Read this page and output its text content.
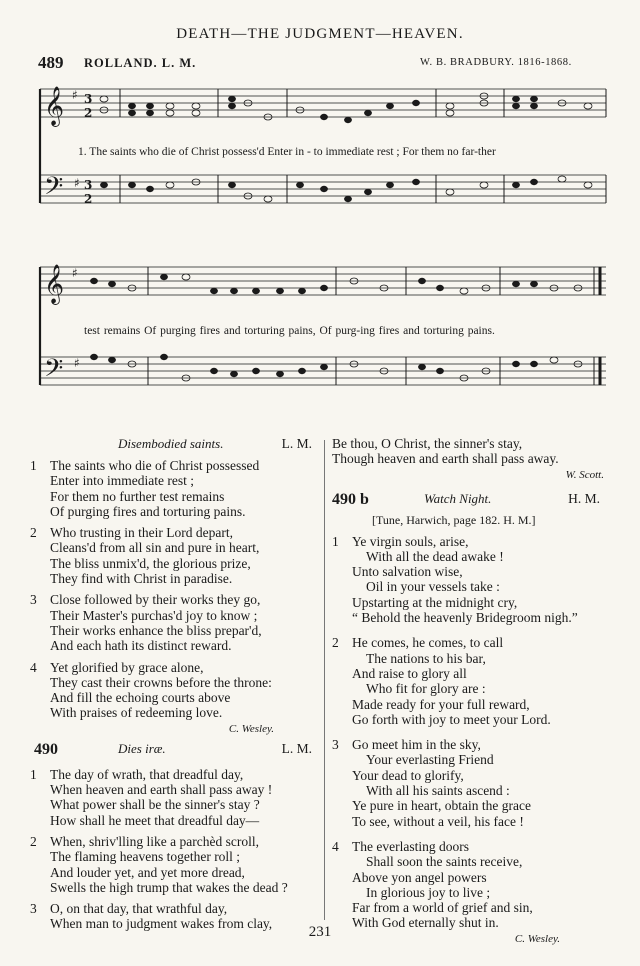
DEATH—THE JUDGMENT—HEAVEN.
489 ROLLAND. L. M.	W. B. BRADBURY. 1816-1868.
𝄞
𝄢
𝄞
𝄢
♯ 3
2
♯ 3
2
♯
♯
1. The saints who die of Christ possess'd Enter in - to immediate rest ; For them no far-ther
test remains Of purging fires and torturing pains, Of purg-ing fires and torturing pains.
Disembodied saints.	L. M.
1 The saints who die of Christ possessed
Enter into immediate rest ;
For them no further test remains
Of purging fires and torturing pains.
2 Who trusting in their Lord depart,
Cleans'd from all sin and pure in heart,
The bliss unmix'd, the glorious prize,
They find with Christ in paradise.
3 Close followed by their works they go,
Their Master's purchas'd joy to know ;
Their works enhance the bliss prepar'd,
And each hath its distinct reward.
4 Yet glorified by grace alone,
They cast their crowns before the throne:
And fill the echoing courts above
With praises of redeeming love.
C. Wesley.
490	Dies iræ.	L. M.
1 The day of wrath, that dreadful day,
When heaven and earth shall pass away !
What power shall be the sinner's stay ?
How shall he meet that dreadful day—
2 When, shriv'lling like a parchèd scroll,
The flaming heavens together roll ;
And louder yet, and yet more dread,
Swells the high trump that wakes the dead ?
3 O, on that day, that wrathful day,
When man to judgment wakes from clay,
Be thou, O Christ, the sinner's stay,
Though heaven and earth shall pass away.
W. Scott.
490 b	Watch Night.	H. M.
[Tune, Harwich, page 182. H. M.]
1 Ye virgin souls, arise,
With all the dead awake !
Unto salvation wise,
Oil in your vessels take :
Upstarting at the midnight cry,
“ Behold the heavenly Bridegroom nigh.”
2 He comes, he comes, to call
The nations to his bar,
And raise to glory all
Who fit for glory are :
Made ready for your full reward,
Go forth with joy to meet your Lord.
3 Go meet him in the sky,
Your everlasting Friend
Your dead to glorify,
With all his saints ascend :
Ye pure in heart, obtain the grace
To see, without a veil, his face !
4 The everlasting doors
Shall soon the saints receive,
Above yon angel powers
In glorious joy to live ;
Far from a world of grief and sin,
With God eternally shut in.
C. Wesley.
231
